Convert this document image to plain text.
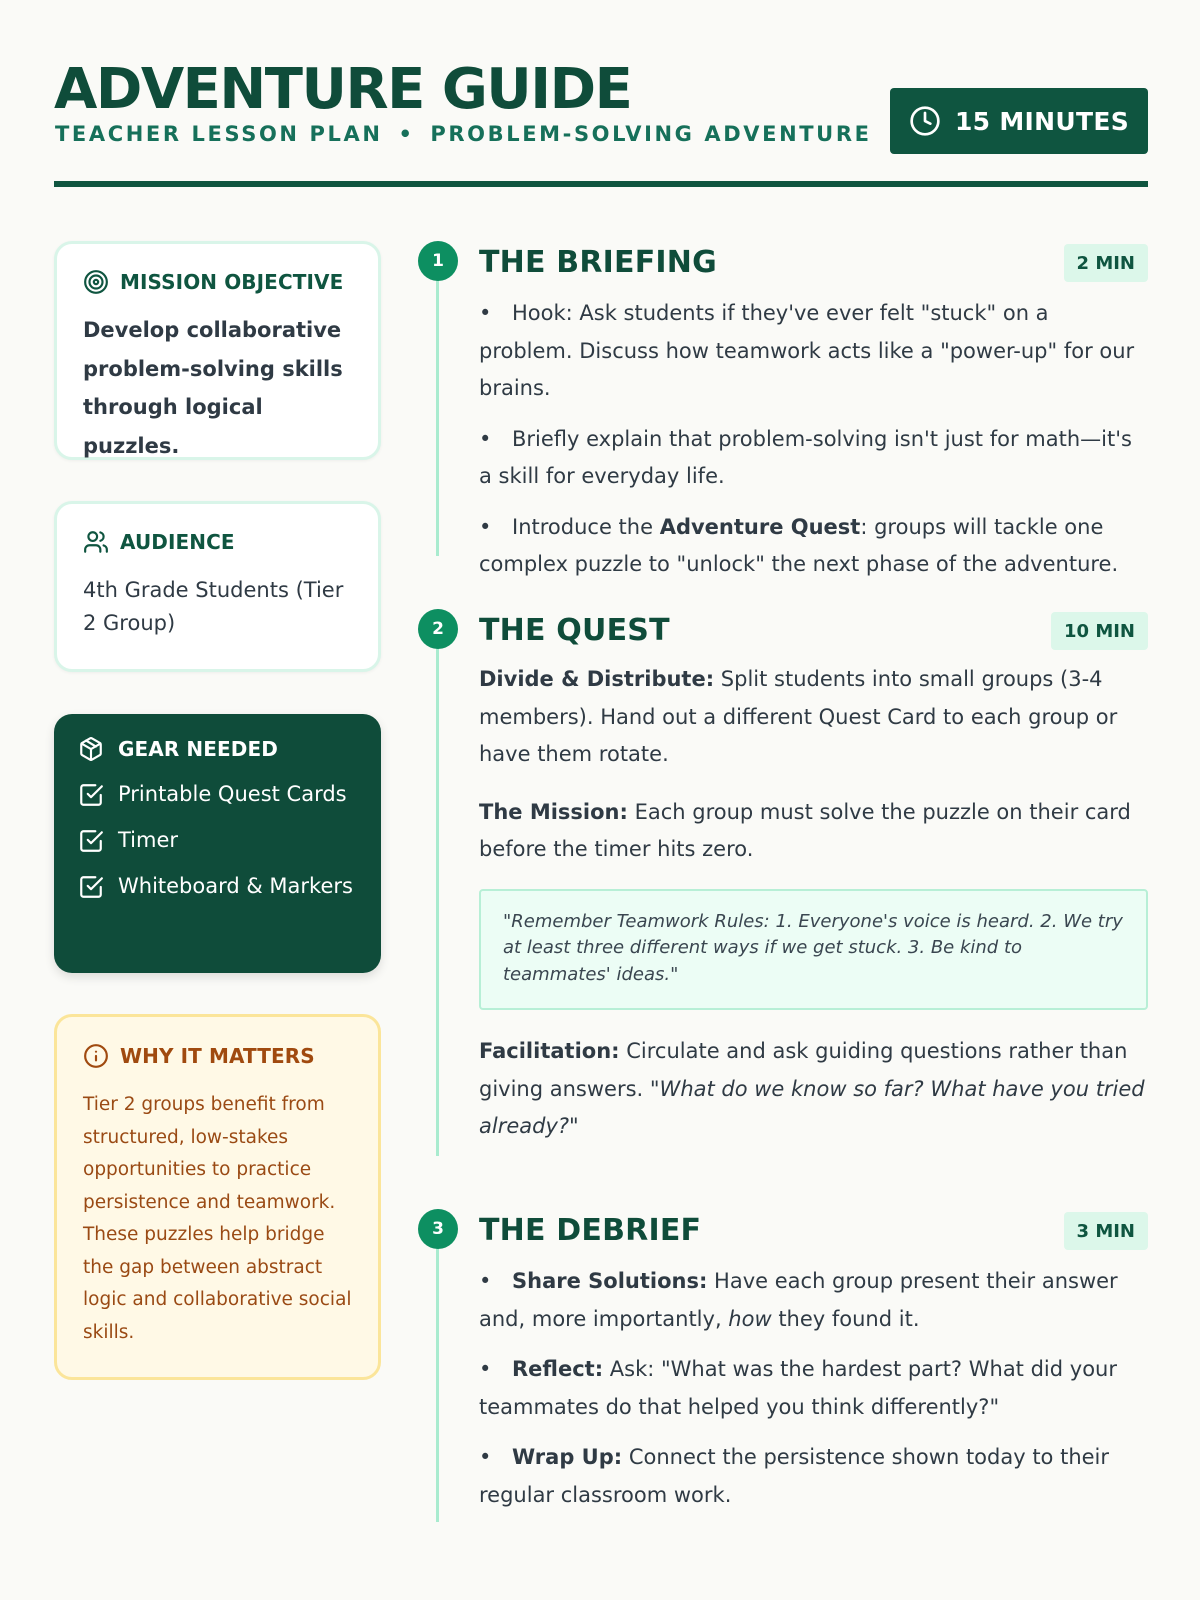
ADVENTURE GUIDE
TEACHER LESSON PLAN • PROBLEM-SOLVING ADVENTURE	15 MINUTES
MISSION OBJECTIVE
Develop collaborative problem-solving skills through logical puzzles.
AUDIENCE
4th Grade Students (Tier 2 Group)
GEAR NEEDED
Printable Quest Cards
Timer
Whiteboard & Markers
WHY IT MATTERS
Tier 2 groups benefit from structured, low-stakes opportunities to practice persistence and teamwork. These puzzles help bridge the gap between abstract logic and collaborative social skills.
1
2
3
THE BRIEFING	2 MIN
• Hook: Ask students if they've ever felt "stuck" on a problem. Discuss how teamwork acts like a "power-up" for our brains.
• Briefly explain that problem-solving isn't just for math—it's a skill for everyday life.
• Introduce the Adventure Quest: groups will tackle one complex puzzle to "unlock" the next phase of the adventure.
THE QUEST	10 MIN
Divide & Distribute: Split students into small groups (3-4 members). Hand out a different Quest Card to each group or have them rotate.
The Mission: Each group must solve the puzzle on their card before the timer hits zero.
"Remember Teamwork Rules: 1. Everyone's voice is heard. 2. We try at least three different ways if we get stuck. 3. Be kind to teammates' ideas."
Facilitation: Circulate and ask guiding questions rather than giving answers. "What do we know so far? What have you tried already?"
THE DEBRIEF	3 MIN
• Share Solutions: Have each group present their answer and, more importantly, how they found it.
• Reflect: Ask: "What was the hardest part? What did your teammates do that helped you think differently?"
• Wrap Up: Connect the persistence shown today to their regular classroom work.
